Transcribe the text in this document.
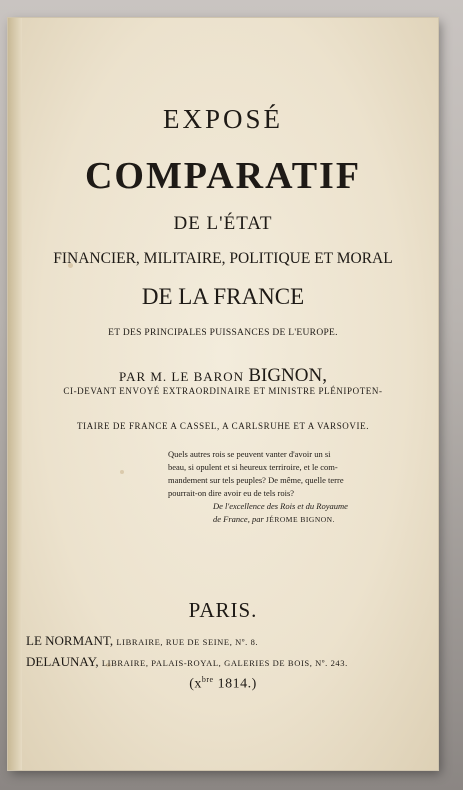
EXPOSÉ
COMPARATIF
DE L'ÉTAT
FINANCIER, MILITAIRE, POLITIQUE ET MORAL
DE LA FRANCE
ET DES PRINCIPALES PUISSANCES DE L'EUROPE.
PAR M. LE BARON BIGNON,
CI-DEVANT ENVOYÉ EXTRAORDINAIRE ET MINISTRE PLÉNIPOTEN-
TIAIRE DE FRANCE A CASSEL, A CARLSRUHE ET A VARSOVIE.
Quels autres rois se peuvent vanter d'avoir un si
beau, si opulent et si heureux terriroire, et le com-
mandement sur tels peuples? De même, quelle terre
pourrait-on dire avoir eu de tels rois?
De l'excellence des Rois et du Royaume
de France, par JÉROME BIGNON.
PARIS.
LE NORMANT, LIBRAIRE, RUE DE SEINE, Nº. 8.
DELAUNAY, LIBRAIRE, PALAIS-ROYAL, GALERIES DE BOIS, Nº. 243.
($x^{bre}$ 1814.)
